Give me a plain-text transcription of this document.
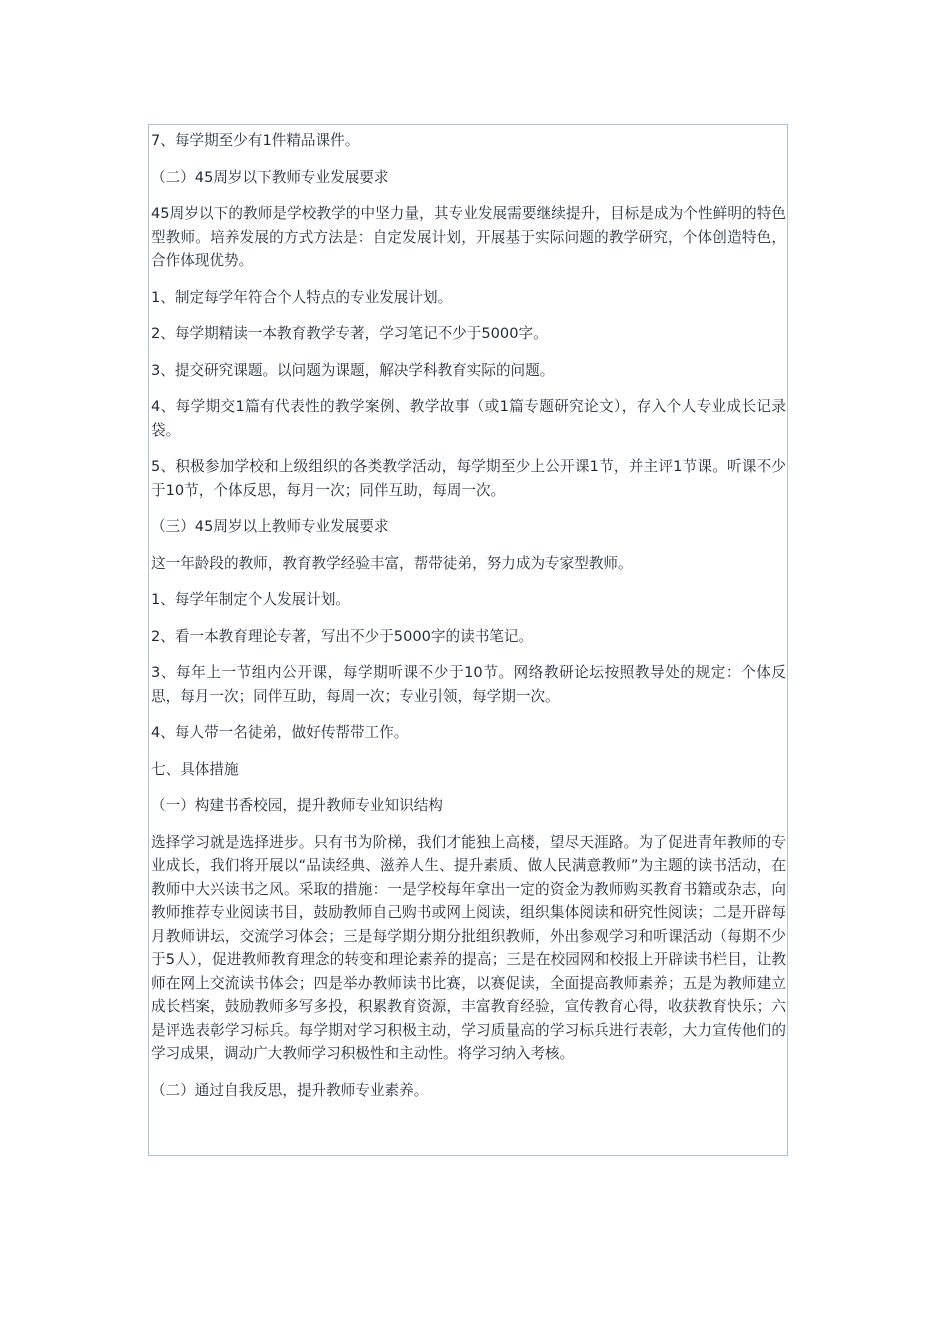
7、每学期至少有1件精品课件。

（二）45周岁以下教师专业发展要求

45周岁以下的教师是学校教学的中坚力量，其专业发展需要继续提升，目标是成为个性鲜明的特色型教师。培养发展的方式方法是：自定发展计划，开展基于实际问题的教学研究，个体创造特色，合作体现优势。

1、制定每学年符合个人特点的专业发展计划。

2、每学期精读一本教育教学专著，学习笔记不少于5000字。

3、提交研究课题。以问题为课题，解决学科教育实际的问题。

4、每学期交1篇有代表性的教学案例、教学故事（或1篇专题研究论文），存入个人专业成长记录袋。

5、积极参加学校和上级组织的各类教学活动，每学期至少上公开课1节，并主评1节课。听课不少于10节，个体反思，每月一次；同伴互助，每周一次。

（三）45周岁以上教师专业发展要求

这一年龄段的教师，教育教学经验丰富，帮带徒弟，努力成为专家型教师。

1、每学年制定个人发展计划。

2、看一本教育理论专著，写出不少于5000字的读书笔记。

3、每年上一节组内公开课，每学期听课不少于10节。网络教研论坛按照教导处的规定：个体反思，每月一次；同伴互助，每周一次；专业引领，每学期一次。

4、每人带一名徒弟，做好传帮带工作。

七、具体措施

（一）构建书香校园，提升教师专业知识结构

选择学习就是选择进步。只有书为阶梯，我们才能独上高楼，望尽天涯路。为了促进青年教师的专业成长，我们将开展以“品读经典、滋养人生、提升素质、做人民满意教师”为主题的读书活动，在教师中大兴读书之风。采取的措施：一是学校每年拿出一定的资金为教师购买教育书籍或杂志，向教师推荐专业阅读书目，鼓励教师自己购书或网上阅读，组织集体阅读和研究性阅读；二是开辟每月教师讲坛，交流学习体会；三是每学期分期分批组织教师，外出参观学习和听课活动（每期不少于5人），促进教师教育理念的转变和理论素养的提高；三是在校园网和校报上开辟读书栏目，让教师在网上交流读书体会；四是举办教师读书比赛，以赛促读，全面提高教师素养；五是为教师建立成长档案，鼓励教师多写多投，积累教育资源，丰富教育经验，宣传教育心得，收获教育快乐；六是评选表彰学习标兵。每学期对学习积极主动，学习质量高的学习标兵进行表彰，大力宣传他们的学习成果，调动广大教师学习积极性和主动性。将学习纳入考核。

（二）通过自我反思，提升教师专业素养。
